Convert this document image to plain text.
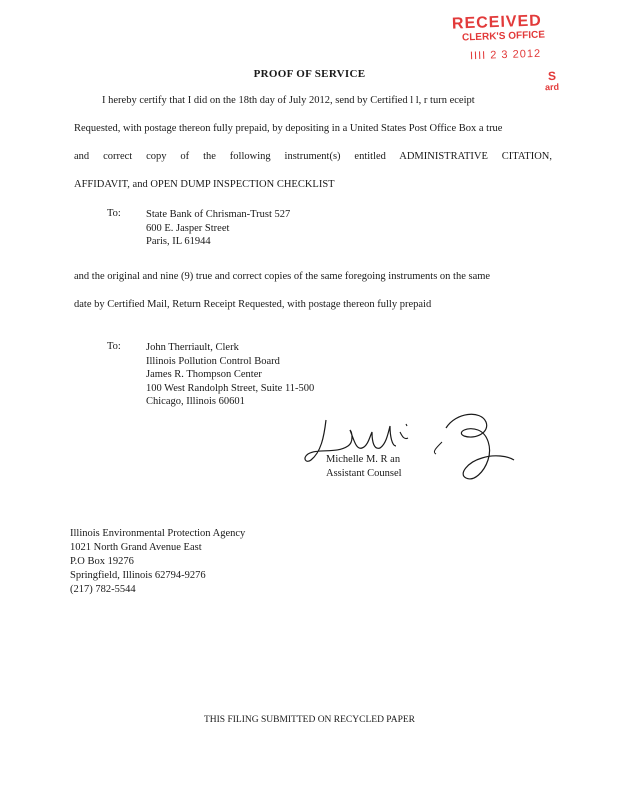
RECEIVED
CLERK'S OFFICE
IIII 2 3 2012
S
ard
PROOF OF SERVICE
I hereby certify that I did on the 18th day of July 2012, send by Certified l l, r turn eceipt
Requested, with postage thereon fully prepaid, by depositing in a United States Post Office Box a true
and correct copy of the following instrument(s) entitled ADMINISTRATIVE CITATION,
AFFIDAVIT, and OPEN DUMP INSPECTION CHECKLIST
To: State Bank of Chrisman-Trust 527
600 E. Jasper Street
Paris, IL 61944
and the original and nine (9) true and correct copies of the same foregoing instruments on the same
date by Certified Mail, Return Receipt Requested, with postage thereon fully prepaid
To: John Therriault, Clerk
Illinois Pollution Control Board
James R. Thompson Center
100 West Randolph Street, Suite 11-500
Chicago, Illinois 60601
Michelle M. R an
Assistant Counsel
Illinois Environmental Protection Agency
1021 North Grand Avenue East
P.O Box 19276
Springfield, Illinois 62794-9276
(217) 782-5544
THIS FILING SUBMITTED ON RECYCLED PAPER
